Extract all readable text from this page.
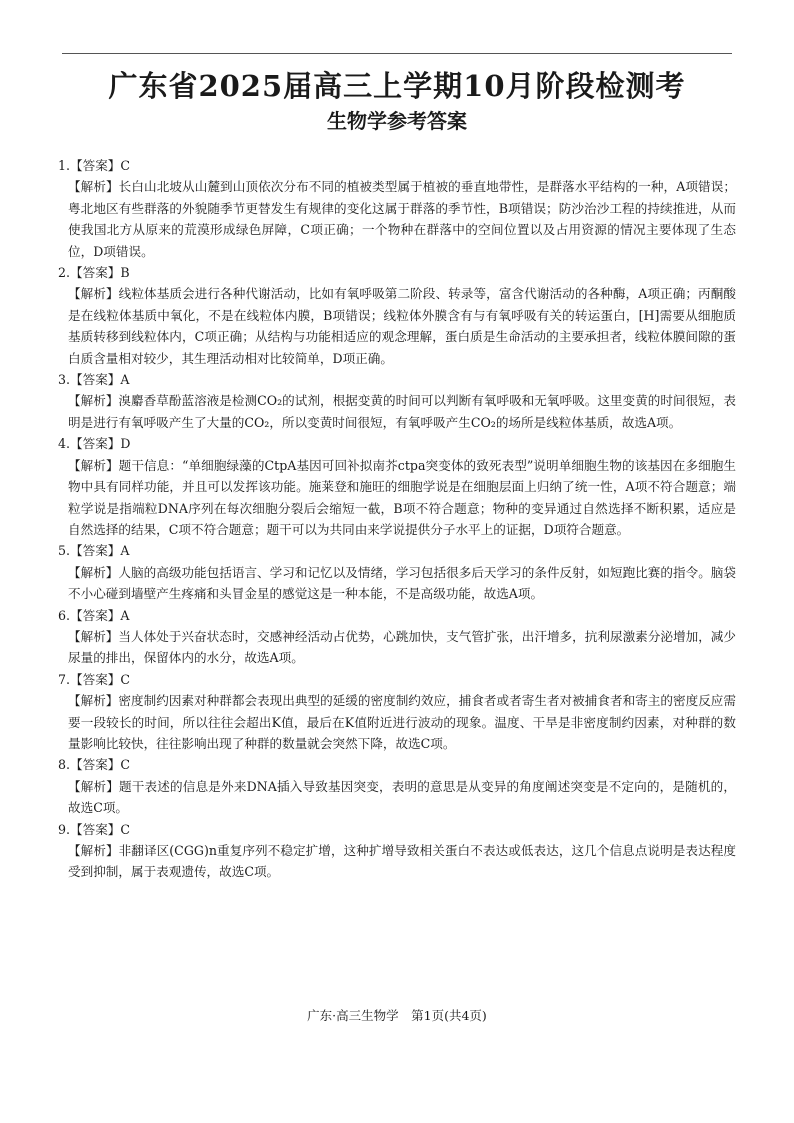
广东省2025届高三上学期10月阶段检测考
生物学参考答案

1.【答案】C

【解析】长白山北坡从山麓到山顶依次分布不同的植被类型属于植被的垂直地带性，是群落水平结构的一种，A项错误；粤北地区有些群落的外貌随季节更替发生有规律的变化这属于群落的季节性，B项错误；防沙治沙工程的持续推进，从而使我国北方从原来的荒漠形成绿色屏障，C项正确；一个物种在群落中的空间位置以及占用资源的情况主要体现了生态位，D项错误。

2.【答案】B

【解析】线粒体基质会进行各种代谢活动，比如有氧呼吸第二阶段、转录等，富含代谢活动的各种酶，A项正确；丙酮酸是在线粒体基质中氧化，不是在线粒体内膜，B项错误；线粒体外膜含有与有氧呼吸有关的转运蛋白，[H]需要从细胞质基质转移到线粒体内，C项正确；从结构与功能相适应的观念理解，蛋白质是生命活动的主要承担者，线粒体膜间隙的蛋白质含量相对较少，其生理活动相对比较简单，D项正确。

3.【答案】A

【解析】溴麝香草酚蓝溶液是检测CO₂的试剂，根据变黄的时间可以判断有氧呼吸和无氧呼吸。这里变黄的时间很短，表明是进行有氧呼吸产生了大量的CO₂，所以变黄时间很短，有氧呼吸产生CO₂的场所是线粒体基质，故选A项。

4.【答案】D

【解析】题干信息：“单细胞绿藻的CtpA基因可回补拟南芥ctpa突变体的致死表型”说明单细胞生物的该基因在多细胞生物中具有同样功能，并且可以发挥该功能。施莱登和施旺的细胞学说是在细胞层面上归纳了统一性，A项不符合题意；端粒学说是指端粒DNA序列在每次细胞分裂后会缩短一截，B项不符合题意；物种的变异通过自然选择不断积累，适应是自然选择的结果，C项不符合题意；题干可以为共同由来学说提供分子水平上的证据，D项符合题意。

5.【答案】A

【解析】人脑的高级功能包括语言、学习和记忆以及情绪，学习包括很多后天学习的条件反射，如短跑比赛的指令。脑袋不小心碰到墙壁产生疼痛和头冒金星的感觉这是一种本能，不是高级功能，故选A项。

6.【答案】A

【解析】当人体处于兴奋状态时，交感神经活动占优势，心跳加快，支气管扩张，出汗增多，抗利尿激素分泌增加，减少尿量的排出，保留体内的水分，故选A项。

7.【答案】C

【解析】密度制约因素对种群都会表现出典型的延缓的密度制约效应，捕食者或者寄生者对被捕食者和寄主的密度反应需要一段较长的时间，所以往往会超出K值，最后在K值附近进行波动的现象。温度、干旱是非密度制约因素，对种群的数量影响比较快，往往影响出现了种群的数量就会突然下降，故选C项。

8.【答案】C

【解析】题干表述的信息是外来DNA插入导致基因突变，表明的意思是从变异的角度阐述突变是不定向的，是随机的，故选C项。

9.【答案】C

【解析】非翻译区(CGG)n重复序列不稳定扩增，这种扩增导致相关蛋白不表达或低表达，这几个信息点说明是表达程度受到抑制，属于表观遗传，故选C项。

广东·高三生物学　第1页(共4页)
